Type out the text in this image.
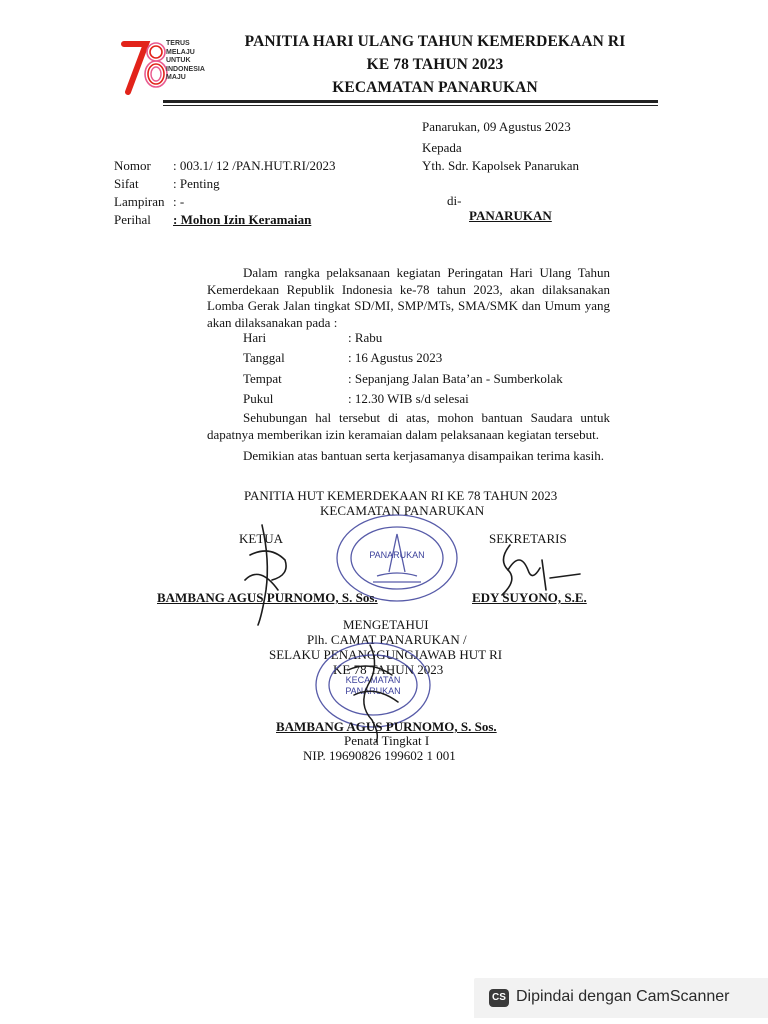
TERUS
MELAJU
UNTUK
INDONESIA
MAJU
PANITIA HARI ULANG TAHUN KEMERDEKAAN RI
KE 78 TAHUN 2023
KECAMATAN PANARUKAN
Panarukan, 09 Agustus 2023
Kepada
Yth. Sdr. Kapolsek Panarukan
di-
PANARUKAN
Nomor : 003.1/ 12 /PAN.HUT.RI/2023
Sifat	: Penting
Lampiran : -
Perihal : Mohon Izin Keramaian
Dalam rangka pelaksanaan kegiatan Peringatan Hari Ulang Tahun Kemerdekaan Republik Indonesia ke-78 tahun 2023, akan dilaksanakan Lomba Gerak Jalan tingkat SD/MI, SMP/MTs, SMA/SMK dan Umum yang akan dilaksanakan pada :
Hari	: Rabu
Tanggal	: 16 Agustus 2023
Tempat	: Sepanjang Jalan Bata’an - Sumberkolak
Pukul	: 12.30 WIB s/d selesai
Sehubungan hal tersebut di atas, mohon bantuan Saudara untuk dapatnya memberikan izin keramaian dalam pelaksanaan kegiatan tersebut.
Demikian atas bantuan serta kerjasamanya disampaikan terima kasih.
PANITIA HUT KEMERDEKAAN RI KE 78 TAHUN 2023
KECAMATAN PANARUKAN
KETUA	SEKRETARIS
PANARUKAN
BAMBANG AGUS PURNOMO, S. Sos.	EDY SUYONO, S.E.
MENGETAHUI
Plh. CAMAT PANARUKAN /
SELAKU PENANGGUNGJAWAB HUT RI
KE 78 TAHUN 2023
KECAMATAN
PANARUKAN
BAMBANG AGUS PURNOMO, S. Sos.
Penata Tingkat I
NIP. 19690826 199602 1 001
CS Dipindai dengan CamScanner
